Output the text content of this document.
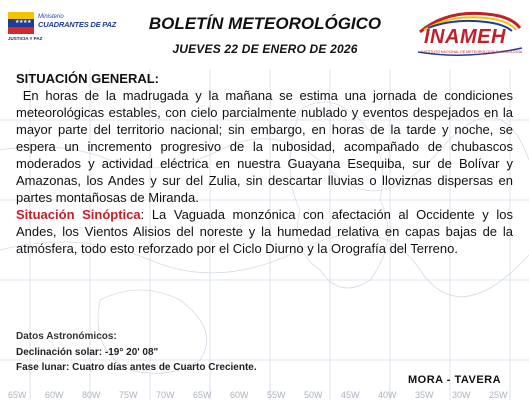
★★★★
JUSTICIA Y PAZ
Ministerio
CUADRANTES DE PAZ	BOLETÍN METEOROLÓGICO
JUEVES 22 DE ENERO DE 2026
INAMEH
INSTITUTO NACIONAL DE METEOROLOGÍA E HIDROLOGÍA

SITUACIÓN GENERAL:

En horas de la madrugada y la mañana se estima una jornada de condiciones meteorológicas estables, con cielo parcialmente nublado y eventos despejados en la mayor parte del territorio nacional; sin embargo, en horas de la tarde y noche, se espera un incremento progresivo de la nubosidad, acompañado de chubascos moderados y actividad eléctrica en nuestra Guayana Esequiba, sur de Bolívar y Amazonas, los Andes y sur del Zulia, sin descartar lluvias o lloviznas dispersas en partes montañosas de Miranda.

Situación Sinóptica: La Vaguada monzónica con afectación al Occidente y los Andes, los Vientos Alisios del noreste y la humedad relativa en capas bajas de la atmósfera, todo esto reforzado por el Ciclo Diurno y la Orografía del Terreno.

Datos Astronómicos:
Declinación solar: -19° 20' 08"
Fase lunar: Cuatro días antes de Cuarto Creciente.
MORA - TAVERA
65W 60W 80W 75W 70W 65W 60W 55W 50W 45W 40W 35W 30W 25W
